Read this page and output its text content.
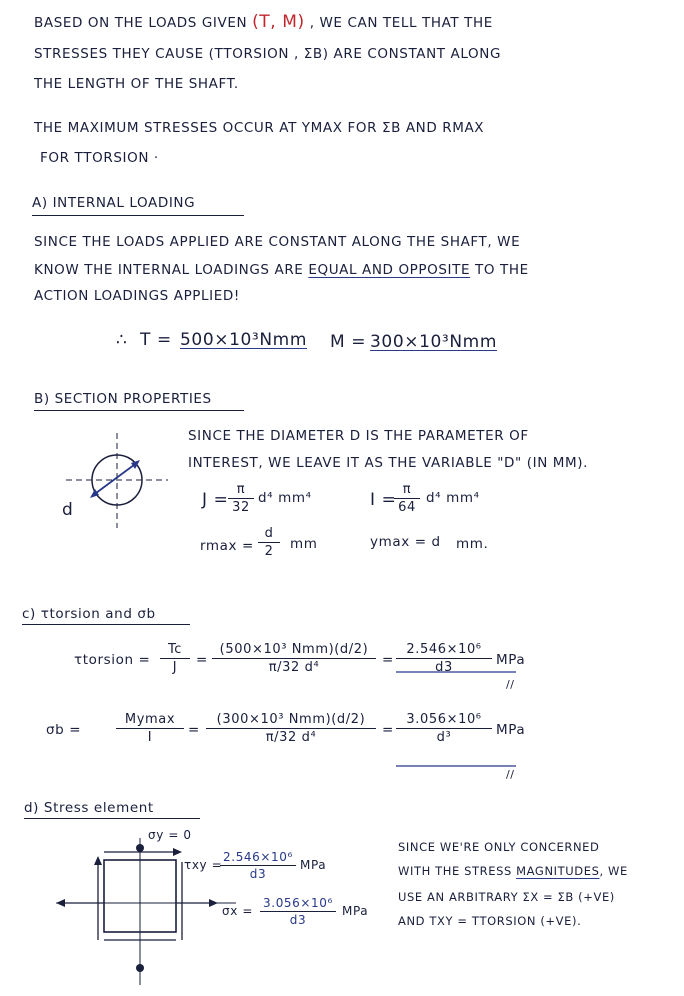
BASED ON THE LOADS GIVEN (T, M) , WE CAN TELL THAT THE
STRESSES THEY CAUSE (ΤTORSION , ΣB) ARE CONSTANT ALONG
THE LENGTH OF THE SHAFT.
THE MAXIMUM STRESSES OCCUR AT YMAX FOR ΣB AND RMAX
FOR ΤTORSION ·
A) INTERNAL LOADING
SINCE THE LOADS APPLIED ARE CONSTANT ALONG THE SHAFT, WE
KNOW THE INTERNAL LOADINGS ARE EQUAL AND OPPOSITE TO THE
ACTION LOADINGS APPLIED!
∴ T = 500×10³Nmm M = 300×10³Nmm
B) SECTION PROPERTIES
SINCE THE DIAMETER D IS THE PARAMETER OF
INTEREST, WE LEAVE IT AS THE VARIABLE "D" (IN MM).
d	J =
π
32
d⁴ mm⁴	I =
π
64
d⁴ mm⁴
rmax =
d
2	mm	ymax = d mm.
c) τtorsion and σb
τtorsion =
Tc
J	=
(500×10³ Nmm)(d/2)
π/32 d⁴	=
2.546×10⁶
d3	MPa
//
σb =
Mymax
I	=
(300×10³ Nmm)(d/2)
π/32 d⁴	=
3.056×10⁶
d³	MPa
//
d) Stress element
σy = 0
τxy =
2.546×10⁶
d3
MPa
σx =
3.056×10⁶
d3
MPa
SINCE WE'RE ONLY CONCERNED
WITH THE STRESS MAGNITUDES, WE
USE AN ARBITRARY ΣX = ΣB (+VE)
AND ΤXY = ΤTORSION (+VE).
